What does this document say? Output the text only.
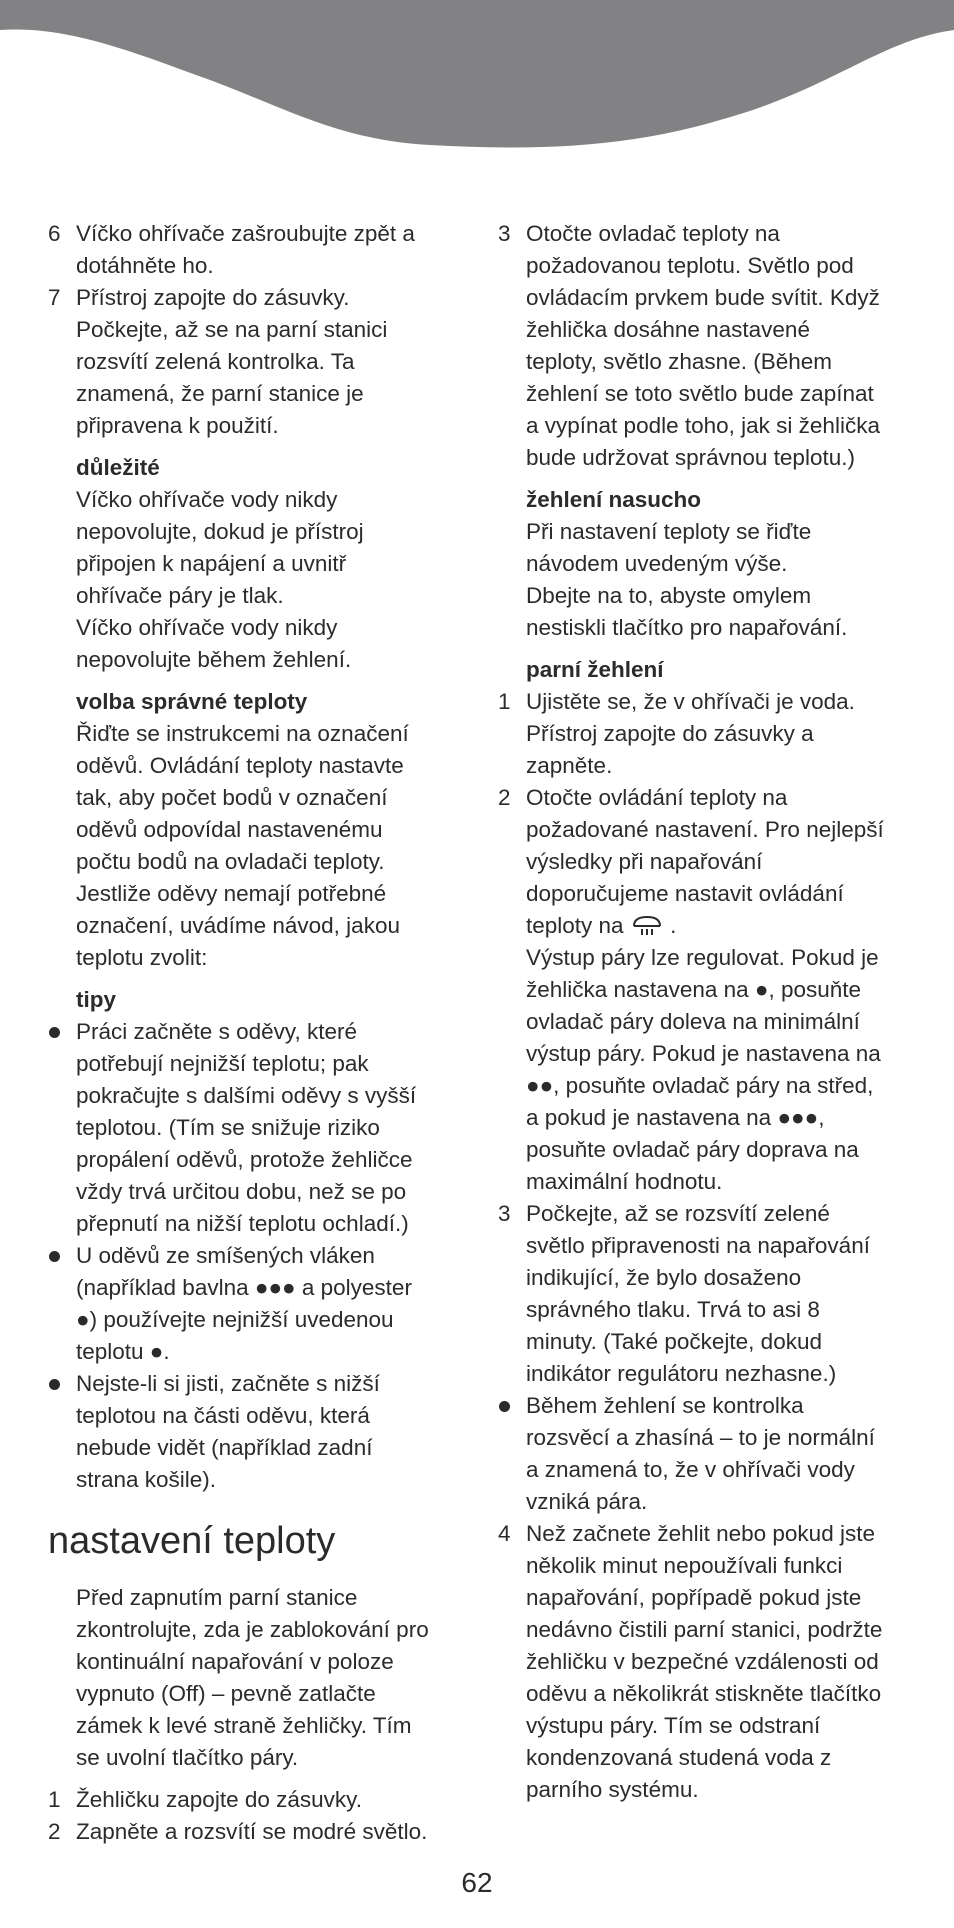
6 Víčko ohřívače zašroubujte zpět a
dotáhněte ho.
7 Přístroj zapojte do zásuvky.
Počkejte, až se na parní stanici
rozsvítí zelená kontrolka. Ta
znamená, že parní stanice je
připravena k použití.
důležité
Víčko ohřívače vody nikdy
nepovolujte, dokud je přístroj
připojen k napájení a uvnitř
ohřívače páry je tlak.
Víčko ohřívače vody nikdy
nepovolujte během žehlení.
volba správné teploty
Řiďte se instrukcemi na označení
oděvů. Ovládání teploty nastavte
tak, aby počet bodů v označení
oděvů odpovídal nastavenému
počtu bodů na ovladači teploty.
Jestliže oděvy nemají potřebné
označení, uvádíme návod, jakou
teplotu zvolit:
tipy
Práci začněte s oděvy, které
potřebují nejnižší teplotu; pak
pokračujte s dalšími oděvy s vyšší
teplotou. (Tím se snižuje riziko
propálení oděvů, protože žehličce
vždy trvá určitou dobu, než se po
přepnutí na nižší teplotu ochladí.)
U oděvů ze smíšených vláken
(například bavlna ●●● a polyester
●) používejte nejnižší uvedenou
teplotu ●.
Nejste-li si jisti, začněte s nižší
teplotou na části oděvu, která
nebude vidět (například zadní
strana košile).
nastavení teploty
Před zapnutím parní stanice
zkontrolujte, zda je zablokování pro
kontinuální napařování v poloze
vypnuto (Off) – pevně zatlačte
zámek k levé straně žehličky. Tím
se uvolní tlačítko páry.
1 Žehličku zapojte do zásuvky.
2 Zapněte a rozsvítí se modré světlo.
3 Otočte ovladač teploty na
požadovanou teplotu. Světlo pod
ovládacím prvkem bude svítit. Když
žehlička dosáhne nastavené
teploty, světlo zhasne. (Během
žehlení se toto světlo bude zapínat
a vypínat podle toho, jak si žehlička
bude udržovat správnou teplotu.)
žehlení nasucho
Při nastavení teploty se řiďte
návodem uvedeným výše.
Dbejte na to, abyste omylem
nestiskli tlačítko pro napařování.
parní žehlení
1 Ujistěte se, že v ohřívači je voda.
Přístroj zapojte do zásuvky a
zapněte.
2 Otočte ovládání teploty na
požadované nastavení. Pro nejlepší
výsledky při napařování
doporučujeme nastavit ovládání
teploty na  .
Výstup páry lze regulovat. Pokud je
žehlička nastavena na ●, posuňte
ovladač páry doleva na minimální
výstup páry. Pokud je nastavena na
●●, posuňte ovladač páry na střed,
a pokud je nastavena na ●●●,
posuňte ovladač páry doprava na
maximální hodnotu.
3 Počkejte, až se rozsvítí zelené
světlo připravenosti na napařování
indikující, že bylo dosaženo
správného tlaku. Trvá to asi 8
minuty. (Také počkejte, dokud
indikátor regulátoru nezhasne.)
Během žehlení se kontrolka
rozsvěcí a zhasíná – to je normální
a znamená to, že v ohřívači vody
vzniká pára.
4 Než začnete žehlit nebo pokud jste
několik minut nepoužívali funkci
napařování, popřípadě pokud jste
nedávno čistili parní stanici, podržte
žehličku v bezpečné vzdálenosti od
oděvu a několikrát stiskněte tlačítko
výstupu páry. Tím se odstraní
kondenzovaná studená voda z
parního systému.
62
